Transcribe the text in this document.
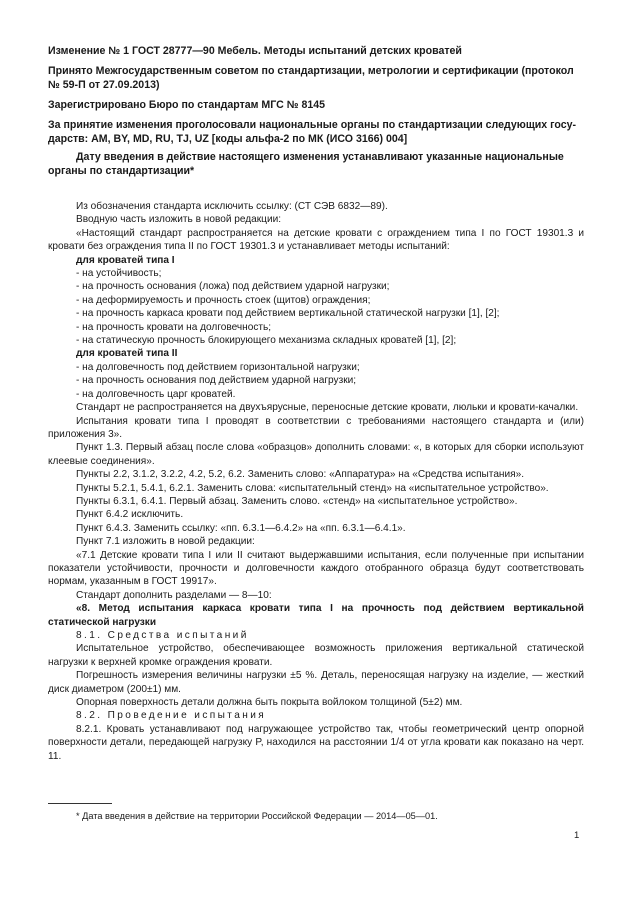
Изменение № 1 ГОСТ 28777—90 Мебель. Методы испытаний детских кроватей

Принято Межгосударственным советом по стандартизации, метрологии и сертификации (протокол № 59-П от 27.09.2013)

Зарегистрировано Бюро по стандартам МГС № 8145

За принятие изменения проголосовали национальные органы по стандартизации следующих государств: AM, BY, MD, RU, TJ, UZ [коды альфа-2 по МК (ИСО 3166) 004]

Дату введения в действие настоящего изменения устанавливают указанные национальные органы по стандартизации*

Из обозначения стандарта исключить ссылку: (СТ СЭВ 6832—89).

Вводную часть изложить в новой редакции:

«Настоящий стандарт распространяется на детские кровати с ограждением типа I по ГОСТ 19301.3 и кровати без ограждения типа II по ГОСТ 19301.3 и устанавливает методы испытаний:

для кроватей типа I

- на устойчивость;

- на прочность основания (ложа) под действием ударной нагрузки;

- на деформируемость и прочность стоек (щитов) ограждения;

- на прочность каркаса кровати под действием вертикальной статической нагрузки [1], [2];

- на прочность кровати на долговечность;

- на статическую прочность блокирующего механизма складных кроватей [1], [2];

для кроватей типа II

- на долговечность под действием горизонтальной нагрузки;

- на прочность основания под действием ударной нагрузки;

- на долговечность царг кроватей.

Стандарт не распространяется на двухъярусные, переносные детские кровати, люльки и кровати-качалки.

Испытания кровати типа I проводят в соответствии с требованиями настоящего стандарта и (или) приложения 3».

Пункт 1.3. Первый абзац после слова «образцов» дополнить словами: «, в которых для сборки используют клеевые соединения».

Пункты 2.2, 3.1.2, 3.2.2, 4.2, 5.2, 6.2. Заменить слово: «Аппаратура» на «Средства испытания».

Пункты 5.2.1, 5.4.1, 6.2.1. Заменить слова: «испытательный стенд» на «испытательное устройство».

Пункты 6.3.1, 6.4.1. Первый абзац. Заменить слово. «стенд» на «испытательное устройство».

Пункт 6.4.2 исключить.

Пункт 6.4.3. Заменить ссылку: «пп. 6.3.1—6.4.2» на «пп. 6.3.1—6.4.1».

Пункт 7.1 изложить в новой редакции:

«7.1 Детские кровати типа I или II считают выдержавшими испытания, если полученные при испытании показатели устойчивости, прочности и долговечности каждого отобранного образца будут соответствовать нормам, указанным в ГОСТ 19917».

Стандарт дополнить разделами — 8—10:

«8. Метод испытания каркаса кровати типа I на прочность под действием вертикальной статической нагрузки

8.1. Средства испытаний

Испытательное устройство, обеспечивающее возможность приложения вертикальной статической нагрузки к верхней кромке ограждения кровати.

Погрешность измерения величины нагрузки ±5 %. Деталь, переносящая нагрузку на изделие, — жесткий диск диаметром (200±1) мм.

Опорная поверхность детали должна быть покрыта войлоком толщиной (5±2) мм.

8.2. Проведение испытания

8.2.1. Кровать устанавливают под нагружающее устройство так, чтобы геометрический центр опорной поверхности детали, передающей нагрузку P, находился на расстоянии 1/4 от угла кровати как показано на черт. 11.

* Дата введения в действие на территории Российской Федерации — 2014—05—01.
1
